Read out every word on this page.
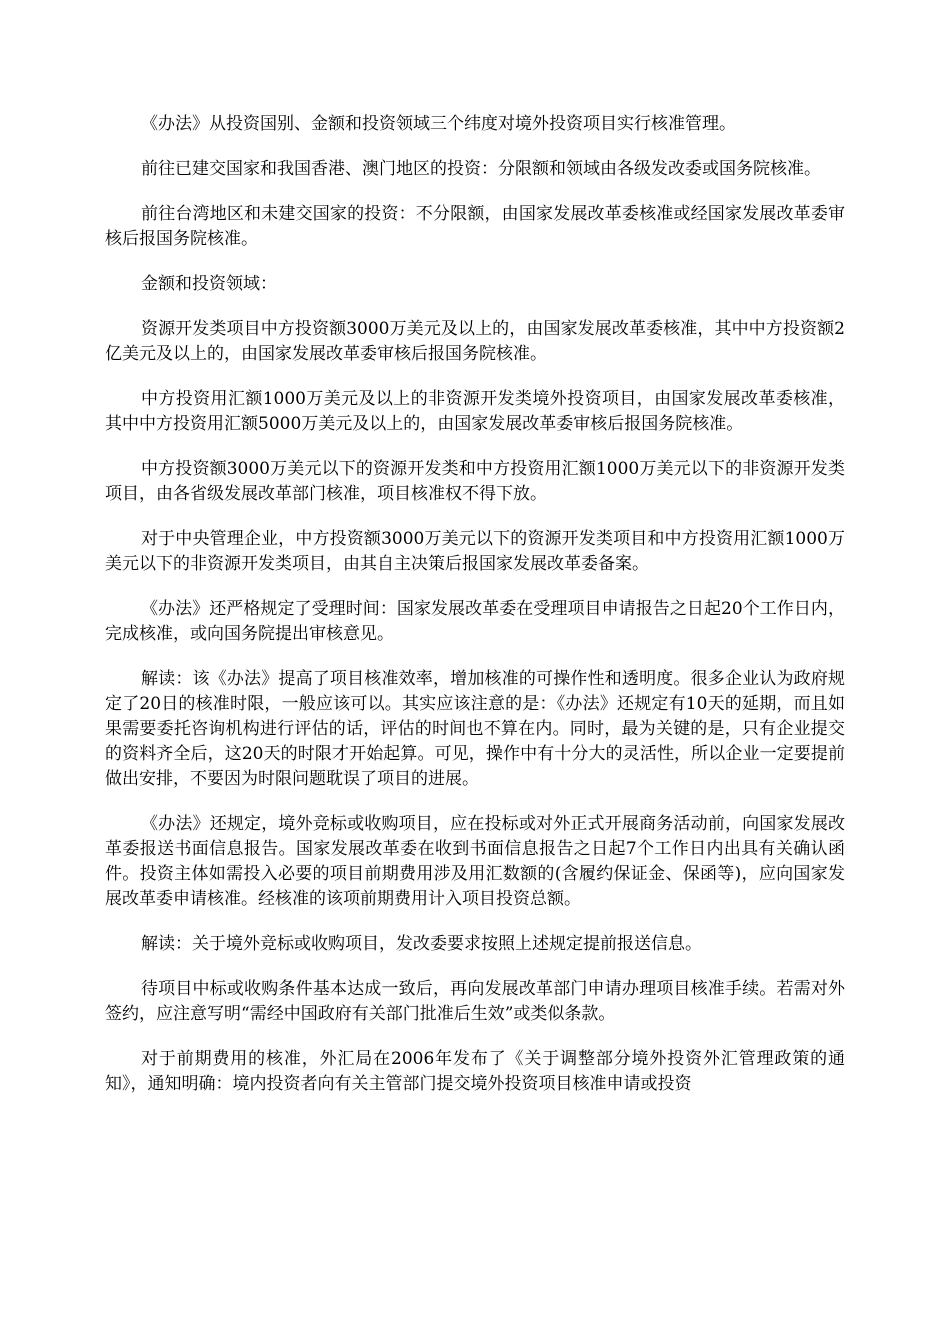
《办法》从投资国别、金额和投资领域三个纬度对境外投资项目实行核准管理。

前往已建交国家和我国香港、澳门地区的投资：分限额和领域由各级发改委或国务院核准。

前往台湾地区和未建交国家的投资：不分限额，由国家发展改革委核准或经国家发展改革委审核后报国务院核准。

金额和投资领域：

资源开发类项目中方投资额3000万美元及以上的，由国家发展改革委核准，其中中方投资额2亿美元及以上的，由国家发展改革委审核后报国务院核准。

中方投资用汇额1000万美元及以上的非资源开发类境外投资项目，由国家发展改革委核准，其中中方投资用汇额5000万美元及以上的，由国家发展改革委审核后报国务院核准。

中方投资额3000万美元以下的资源开发类和中方投资用汇额1000万美元以下的非资源开发类项目，由各省级发展改革部门核准，项目核准权不得下放。

对于中央管理企业，中方投资额3000万美元以下的资源开发类项目和中方投资用汇额1000万美元以下的非资源开发类项目，由其自主决策后报国家发展改革委备案。

《办法》还严格规定了受理时间：国家发展改革委在受理项目申请报告之日起20个工作日内，完成核准，或向国务院提出审核意见。

解读：该《办法》提高了项目核准效率，增加核准的可操作性和透明度。很多企业认为政府规定了20日的核准时限，一般应该可以。其实应该注意的是：《办法》还规定有10天的延期，而且如果需要委托咨询机构进行评估的话，评估的时间也不算在内。同时，最为关键的是，只有企业提交的资料齐全后，这20天的时限才开始起算。可见，操作中有十分大的灵活性，所以企业一定要提前做出安排，不要因为时限问题耽误了项目的进展。

《办法》还规定，境外竞标或收购项目，应在投标或对外正式开展商务活动前，向国家发展改革委报送书面信息报告。国家发展改革委在收到书面信息报告之日起7个工作日内出具有关确认函件。投资主体如需投入必要的项目前期费用涉及用汇数额的(含履约保证金、保函等)，应向国家发展改革委申请核准。经核准的该项前期费用计入项目投资总额。

解读：关于境外竞标或收购项目，发改委要求按照上述规定提前报送信息。

待项目中标或收购条件基本达成一致后，再向发展改革部门申请办理项目核准手续。若需对外签约，应注意写明“需经中国政府有关部门批准后生效”或类似条款。

对于前期费用的核准，外汇局在2006年发布了《关于调整部分境外投资外汇管理政策的通知》，通知明确：境内投资者向有关主管部门提交境外投资项目核准申请或投资
